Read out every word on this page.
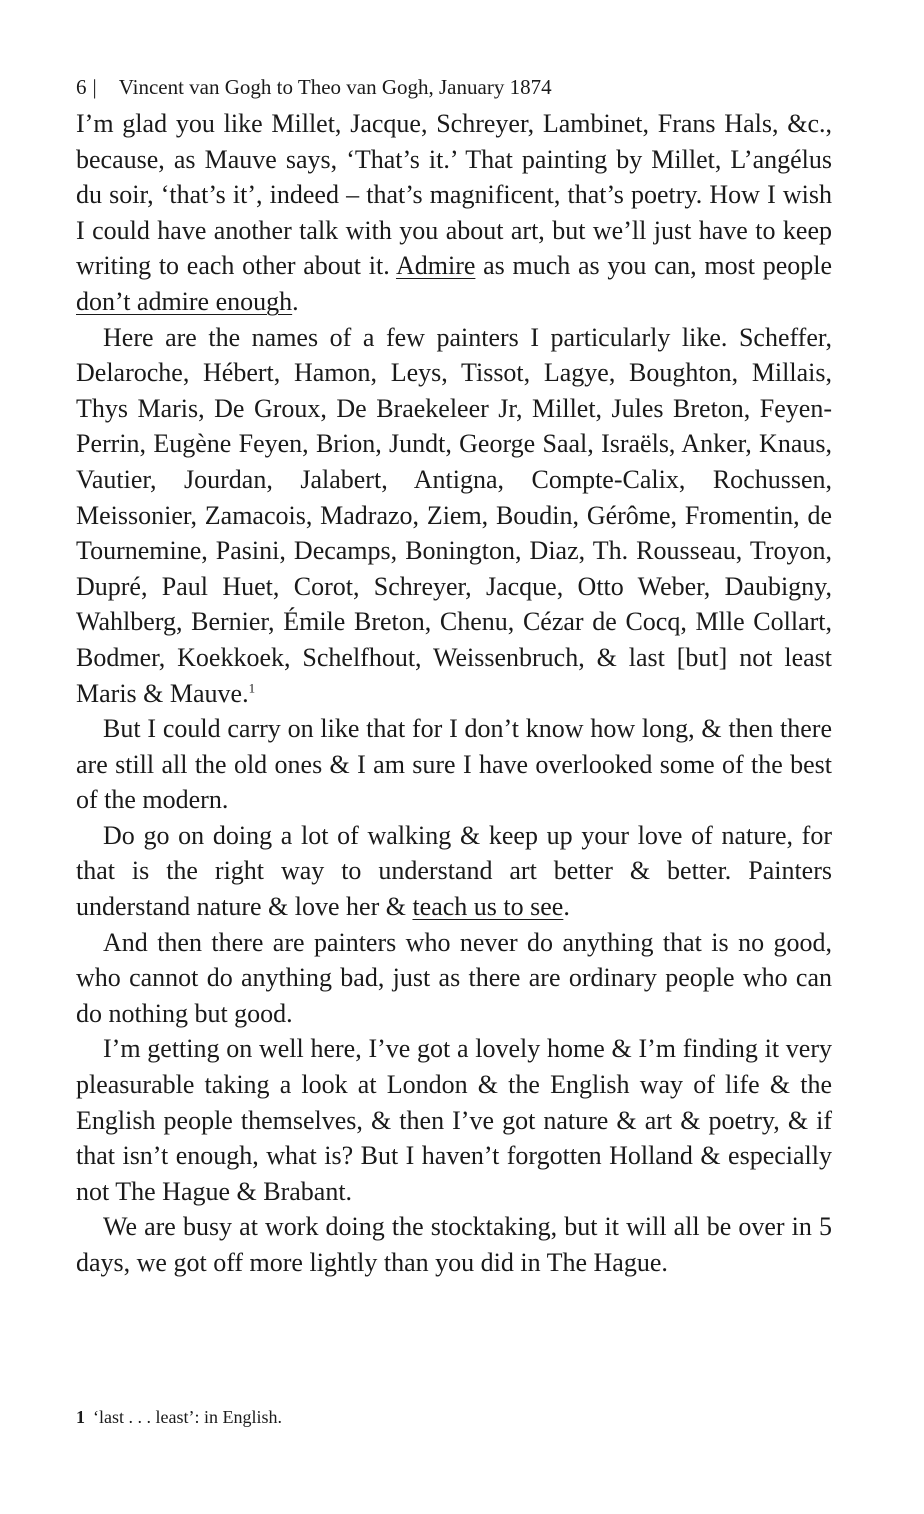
6 | Vincent van Gogh to Theo van Gogh, January 1874

I’m glad you like Millet, Jacque, Schreyer, Lambinet, Frans Hals, &c., because, as Mauve says, ‘That’s it.’ That painting by Millet, L’angélus du soir, ‘that’s it’, indeed – that’s magnificent, that’s poetry. How I wish I could have another talk with you about art, but we’ll just have to keep writing to each other about it. Admire as much as you can, most people don’t admire enough.

Here are the names of a few painters I particularly like. Scheffer, Delaroche, Hébert, Hamon, Leys, Tissot, Lagye, Boughton, Millais, Thys Maris, De Groux, De Braekeleer Jr, Millet, Jules Breton, Feyen-Perrin, Eugène Feyen, Brion, Jundt, George Saal, Israëls, Anker, Knaus, Vautier, Jourdan, Jalabert, Antigna, Compte-Calix, Rochussen, Meissonier, Zamacois, Madrazo, Ziem, Boudin, Gérôme, Fromentin, de Tournemine, Pasini, Decamps, Bonington, Diaz, Th. Rousseau, Troyon, Dupré, Paul Huet, Corot, Schreyer, Jacque, Otto Weber, Daubigny, Wahlberg, Bernier, Émile Breton, Chenu, Cézar de Cocq, Mlle Collart, Bodmer, Koekkoek, Schelfhout, Weissenbruch, & last [but] not least Maris & Mauve.$^1$

But I could carry on like that for I don’t know how long, & then there are still all the old ones & I am sure I have overlooked some of the best of the modern.

Do go on doing a lot of walking & keep up your love of nature, for that is the right way to understand art better & better. Painters understand nature & love her & teach us to see.

And then there are painters who never do anything that is no good, who cannot do anything bad, just as there are ordinary people who can do nothing but good.

I’m getting on well here, I’ve got a lovely home & I’m finding it very pleasurable taking a look at London & the English way of life & the English people themselves, & then I’ve got nature & art & poetry, & if that isn’t enough, what is? But I haven’t forgotten Holland & especially not The Hague & Brabant.

We are busy at work doing the stocktaking, but it will all be over in 5 days, we got off more lightly than you did in The Hague.

1 ‘last . . . least’: in English.
